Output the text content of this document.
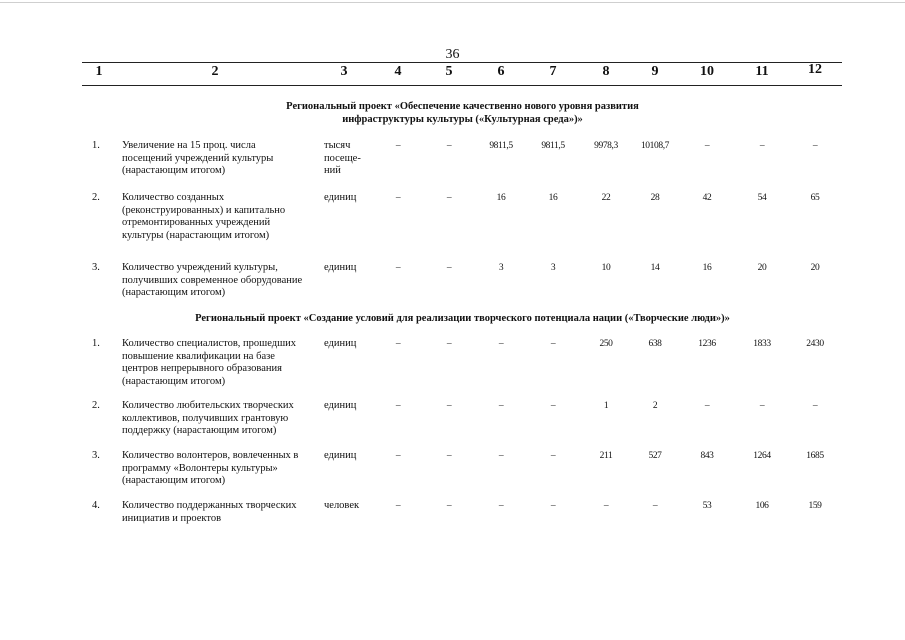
36
1	2	3	4	5	6	7	8	9	10	11	12
Региональный проект «Обеспечение качественно нового уровня развития
инфраструктуры культуры («Культурная среда»)»
1.	Увеличение на 15 проц. числа
посещений учреждений культуры
(нарастающим итогом)
тысяч
посеще-
ний
–	–	9811,5	9811,5	9978,3	10108,7	–	–	–
2.	Количество созданных
(реконструированных) и капитально
отремонтированных учреждений
культуры (нарастающим итогом)
единиц	–	–	16	16	22	28	42	54	65
3.	Количество учреждений культуры,
получивших современное оборудование
(нарастающим итогом)
единиц	–	–	3	3	10	14	16	20	20
Региональный проект «Создание условий для реализации творческого потенциала нации («Творческие люди»)»
1.	Количество специалистов, прошедших
повышение квалификации на базе
центров непрерывного образования
(нарастающим итогом)
единиц	–	–	–	–	250	638	1236	1833	2430
2.	Количество любительских творческих
коллективов, получивших грантовую
поддержку (нарастающим итогом)
единиц	–	–	–	–	1	2	–	–	–
3.	Количество волонтеров, вовлеченных в
программу «Волонтеры культуры»
(нарастающим итогом)
единиц	–	–	–	–	211	527	843	1264	1685
4.	Количество поддержанных творческих
инициатив и проектов
человек	–	–	–	–	–	–	53	106	159
